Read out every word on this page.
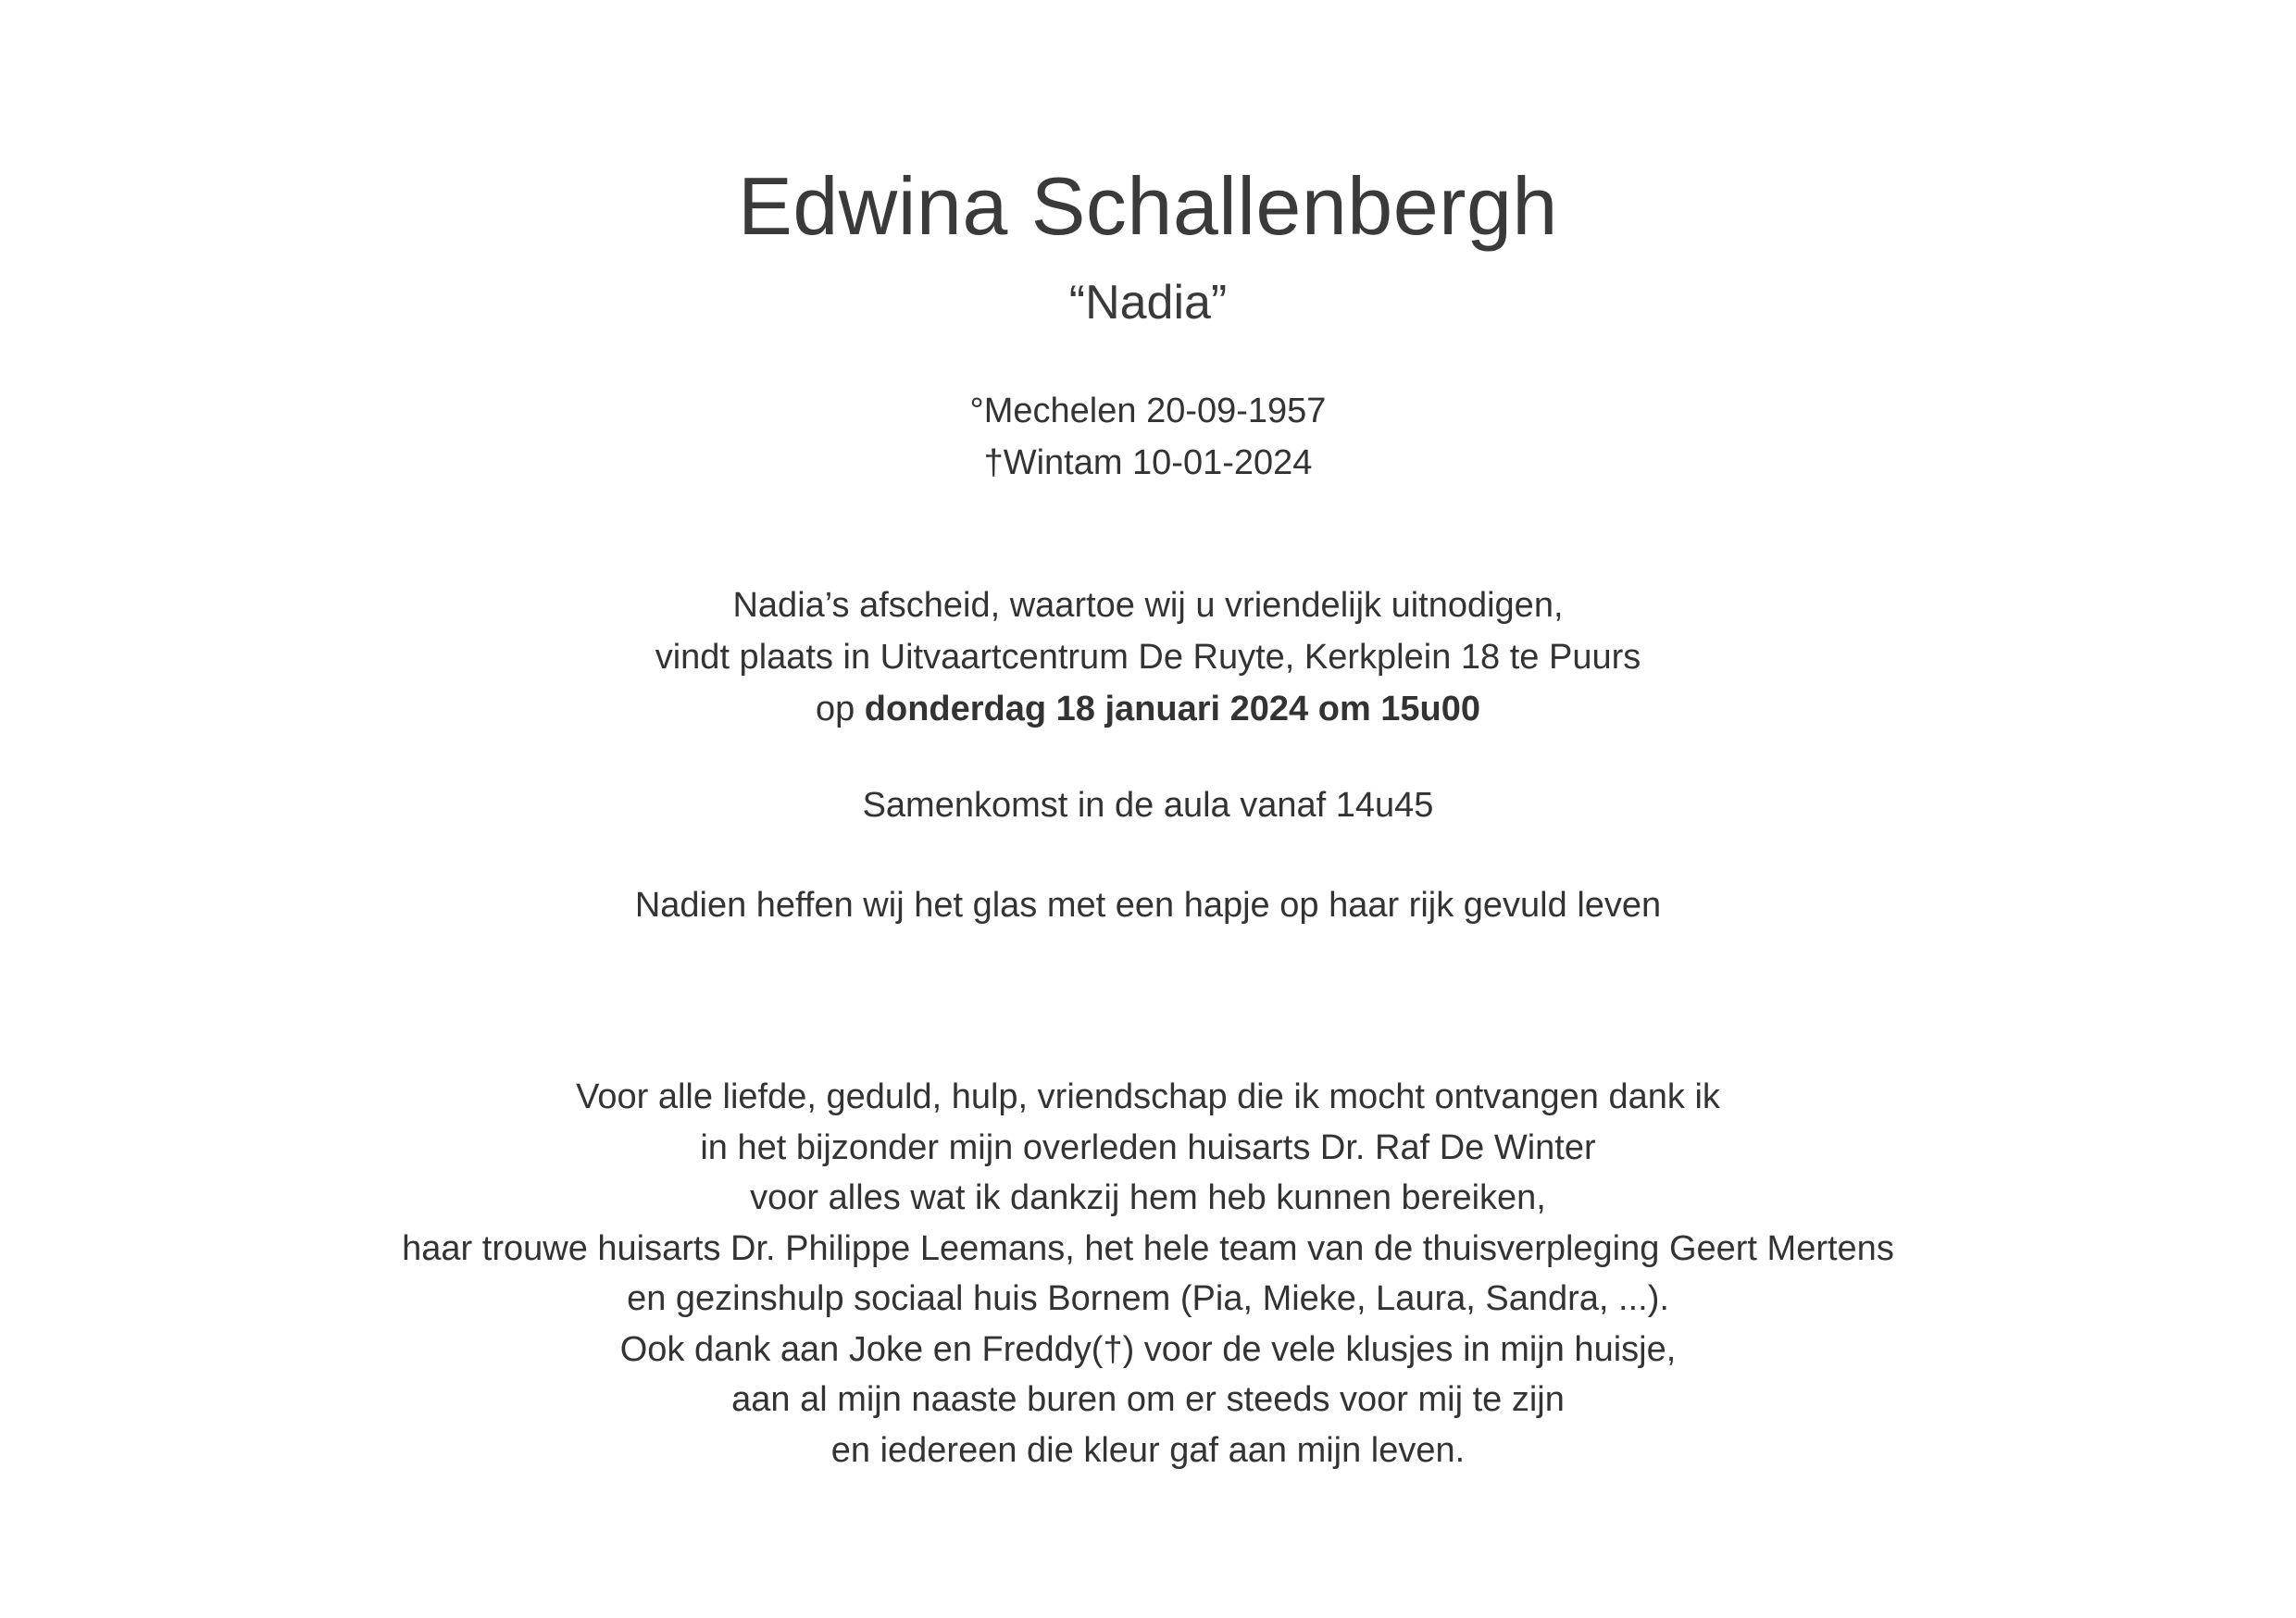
Edwina Schallenbergh
“Nadia”
°Mechelen 20-09-1957
†Wintam 10-01-2024
Nadia’s afscheid, waartoe wij u vriendelijk uitnodigen,
vindt plaats in Uitvaartcentrum De Ruyte, Kerkplein 18 te Puurs
op donderdag 18 januari 2024 om 15u00
Samenkomst in de aula vanaf 14u45
Nadien heffen wij het glas met een hapje op haar rijk gevuld leven
Voor alle liefde, geduld, hulp, vriendschap die ik mocht ontvangen dank ik
in het bijzonder mijn overleden huisarts Dr. Raf De Winter
voor alles wat ik dankzij hem heb kunnen bereiken,
haar trouwe huisarts Dr. Philippe Leemans, het hele team van de thuisverpleging Geert Mertens
en gezinshulp sociaal huis Bornem (Pia, Mieke, Laura, Sandra, ...).
Ook dank aan Joke en Freddy(†) voor de vele klusjes in mijn huisje,
aan al mijn naaste buren om er steeds voor mij te zijn
en iedereen die kleur gaf aan mijn leven.
